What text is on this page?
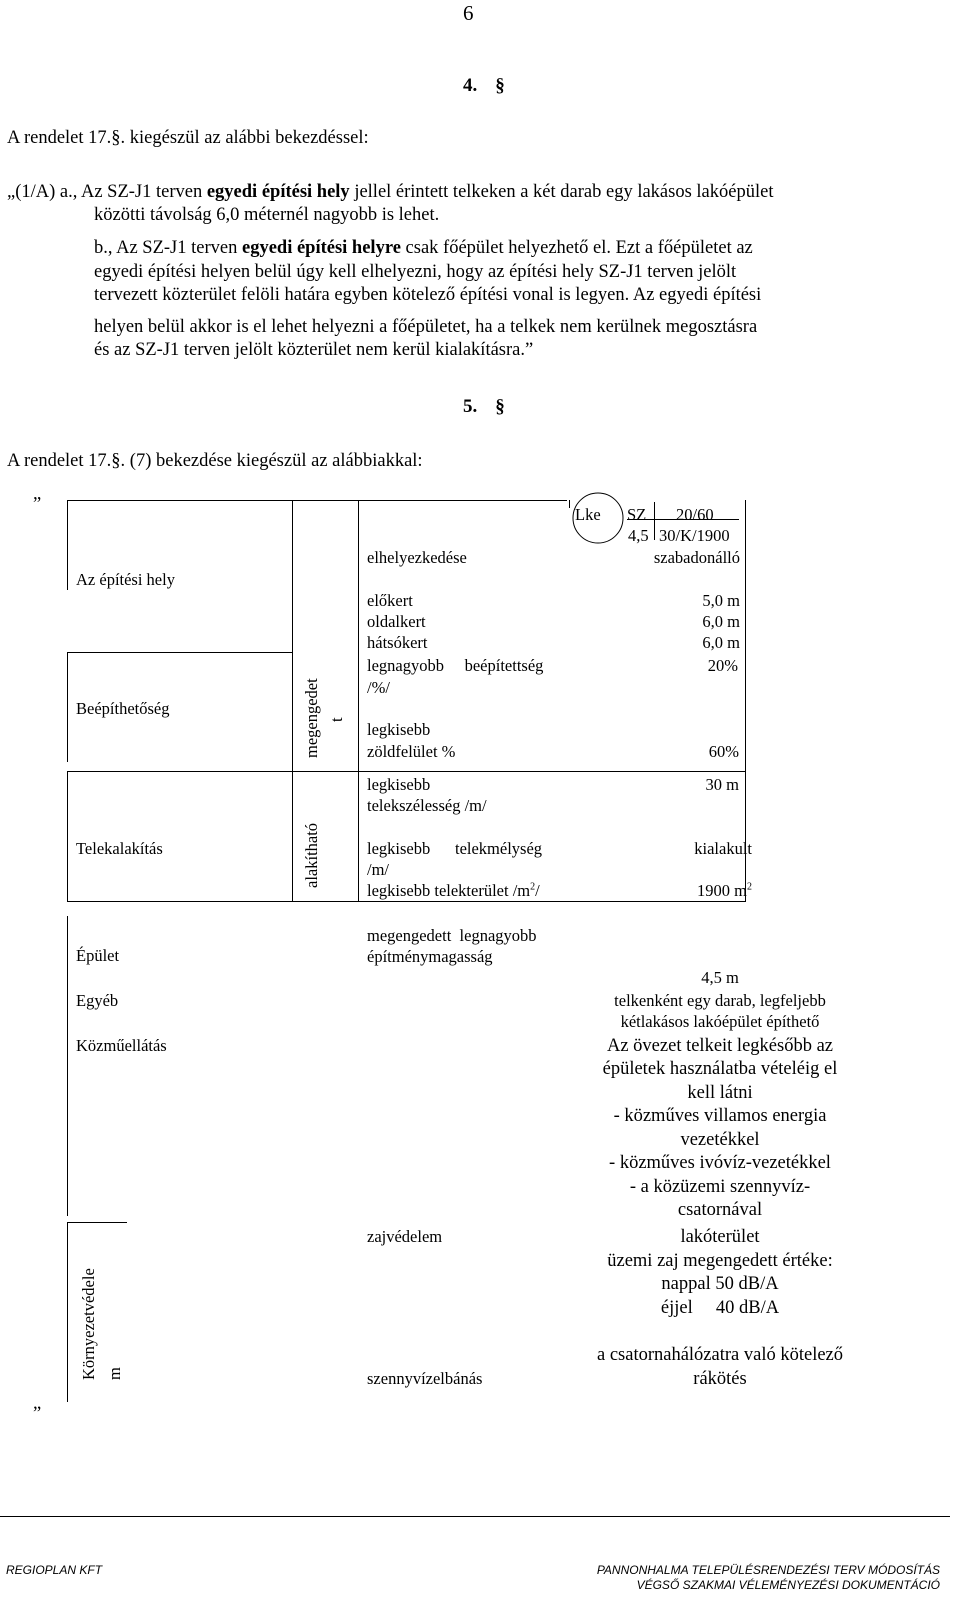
6
4. §
A rendelet 17.§. kiegészül az alábbi bekezdéssel:
„(1/A) a., Az SZ-J1 terven egyedi építési hely jellel érintett telkeken a két darab egy lakásos lakóépület
közötti távolság 6,0 méternél nagyobb is lehet.
b., Az SZ-J1 terven egyedi építési helyre csak főépület helyezhető el. Ezt a főépületet az
egyedi építési helyen belül úgy kell elhelyezni, hogy az építési hely SZ-J1 terven jelölt
tervezett közterület felöli határa egyben kötelező építési vonal is legyen. Az egyedi építési
helyen belül akkor is el lehet helyezni a főépületet, ha a telkek nem kerülnek megosztásra
és az SZ-J1 terven jelölt közterület nem kerül kialakításra.”
5. §
A rendelet 17.§. (7) bekezdése kiegészül az alábbiakkal:
„
”
Lke SZ 20/60
4,5 30/K/1900
Az építési hely
Beépíthetőség
Telekalakítás
Épület
Egyéb
Közműellátás
Környezetvédele m
megengedet t
alakítható
elhelyezkedése
előkert
oldalkert
hátsókert
legnagyobb     beépítettség
/%/
legkisebb
zöldfelület %
legkisebb
telekszélesség /m/
legkisebb      telekmélység
/m/
legkisebb telekterület $/m^2/$
megengedett  legnagyobb
építménymagasság
zajvédelem
szennyvízelbánás
szabadonálló
5,0 m
6,0 m
6,0 m
20%
60%
30 m
kialakult
1900 $m^2$
4,5 m
telkenként egy darab, legfeljebb
kétlakásos lakóépület építhető
Az övezet telkeit legkésőbb az
épületek használatba vételéig el
kell látni
- közműves villamos energia
vezetékkel
- közműves ivóvíz-vezetékkel
- a közüzemi szennyvíz-
csatornával
lakóterület
üzemi zaj megengedett értéke:
nappal 50 dB/A
éjjel     40 dB/A
a csatornahálózatra való kötelező
rákötés
REGIOPLAN KFT	PANNONHALMA TELEPÜLÉSRENDEZÉSI TERV MÓDOSÍTÁS
VÉGSŐ SZAKMAI VÉLEMÉNYEZÉSI DOKUMENTÁCIÓ
